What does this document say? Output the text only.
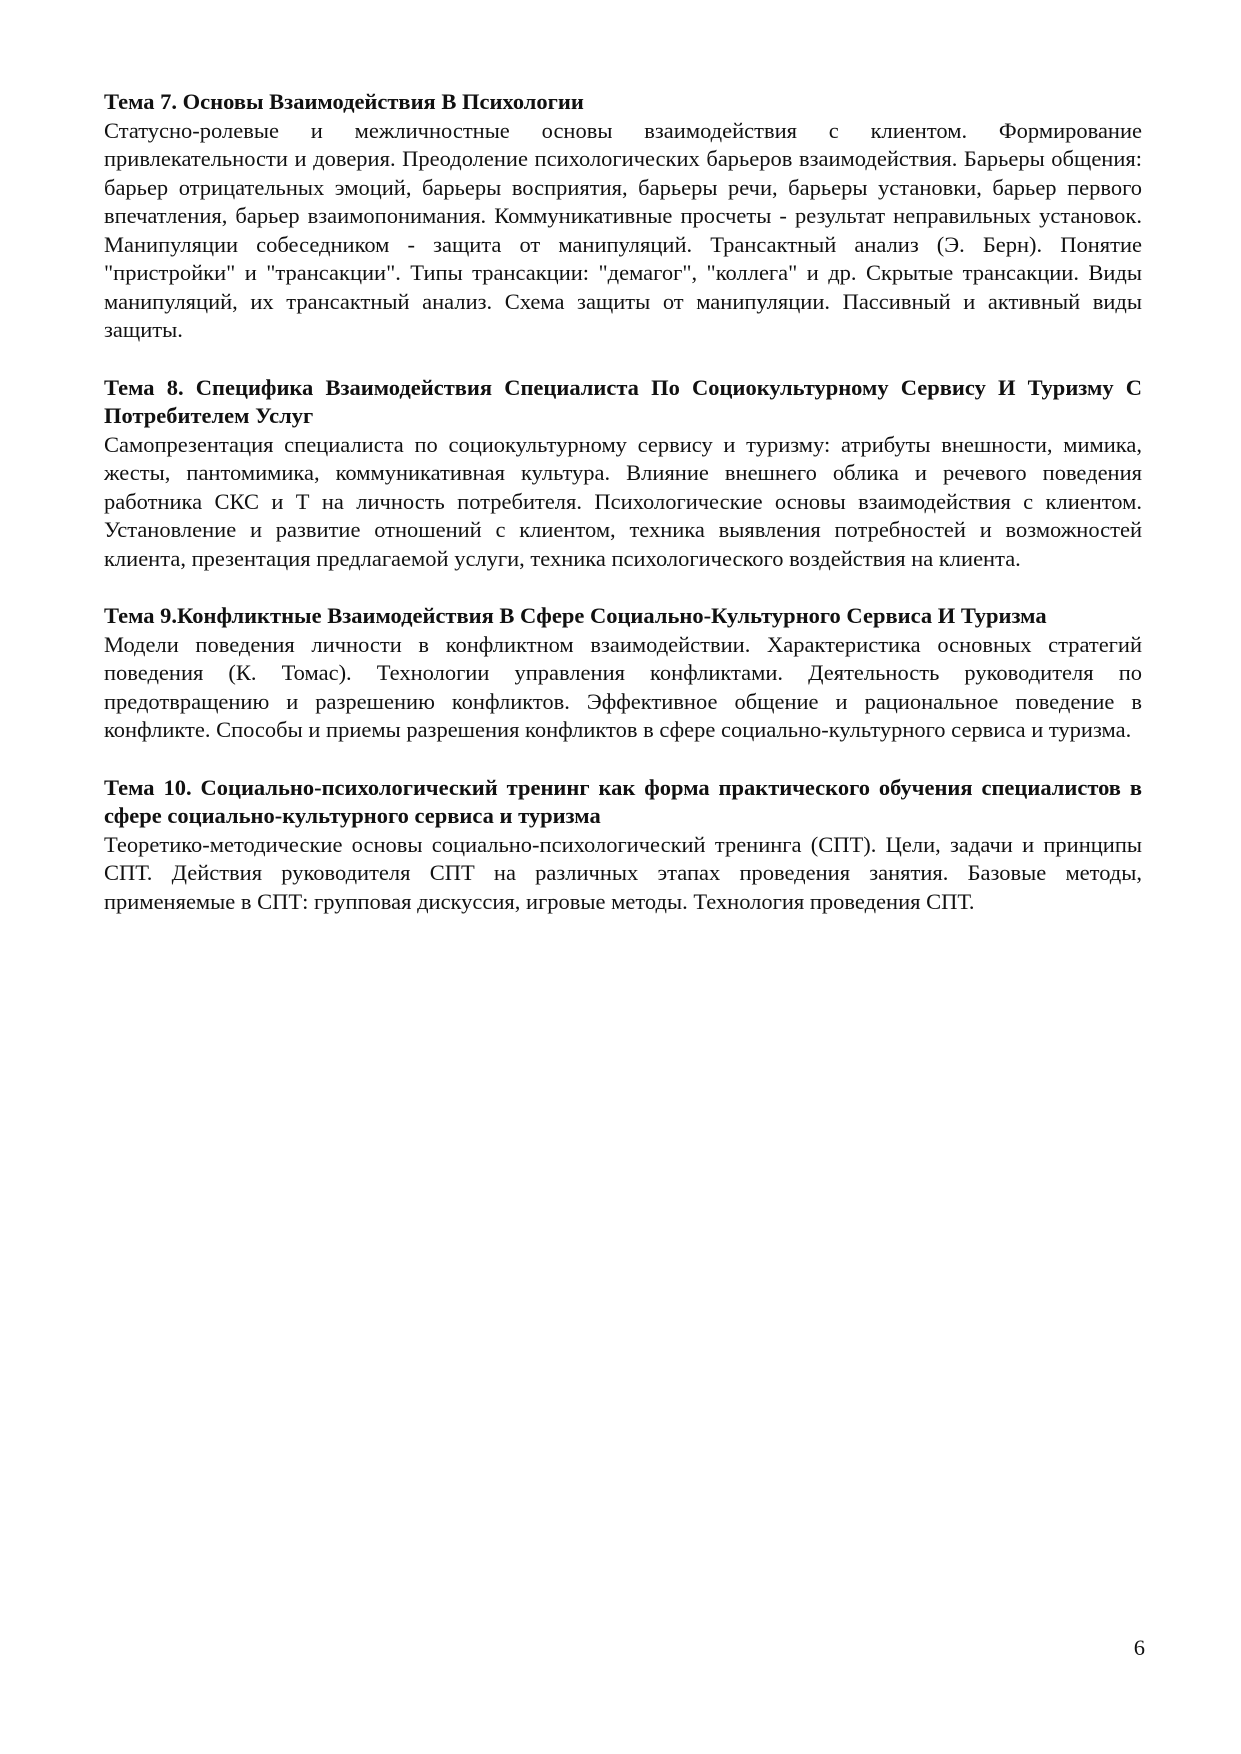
Тема 7. Основы Взаимодействия В Психологии

Статусно-ролевые и межличностные основы взаимодействия с клиентом. Формирование привлекательности и доверия. Преодоление психологических барьеров взаимодействия. Барьеры общения: барьер отрицательных эмоций, барьеры восприятия, барьеры речи, барьеры установки, барьер первого впечатления, барьер взаимопонимания. Коммуникативные просчеты - результат неправильных установок. Манипуляции собеседником - защита от манипуляций. Трансактный анализ (Э. Берн). Понятие "пристройки" и "трансакции". Типы трансакции: "демагог", "коллега" и др. Скрытые трансакции. Виды манипуляций, их трансактный анализ. Схема защиты от манипуляции. Пассивный и активный виды защиты.

Тема 8. Специфика Взаимодействия Специалиста По Социокультурному Сервису И Туризму С Потребителем Услуг

Самопрезентация специалиста по социокультурному сервису и туризму: атрибуты внешности, мимика, жесты, пантомимика, коммуникативная культура. Влияние внешнего облика и речевого поведения работника СКС и Т на личность потребителя. Психологические основы взаимодействия с клиентом. Установление и развитие отношений с клиентом, техника выявления потребностей и возможностей клиента, презентация предлагаемой услуги, техника психологического воздействия на клиента.

Тема 9.Конфликтные Взаимодействия В Сфере Социально-Культурного Сервиса И Туризма

Модели поведения личности в конфликтном взаимодействии. Характеристика основных стратегий поведения (К. Томас). Технологии управления конфликтами. Деятельность руководителя по предотвращению и разрешению конфликтов. Эффективное общение и рациональное поведение в конфликте. Способы и приемы разрешения конфликтов в сфере социально-культурного сервиса и туризма.

Тема 10. Социально-психологический тренинг как форма практического обучения специалистов в сфере социально-культурного сервиса и туризма

Теоретико-методические основы социально-психологический тренинга (СПТ). Цели, задачи и принципы СПТ. Действия руководителя СПТ на различных этапах проведения занятия. Базовые методы, применяемые в СПТ: групповая дискуссия, игровые методы. Технология проведения СПТ.

6
